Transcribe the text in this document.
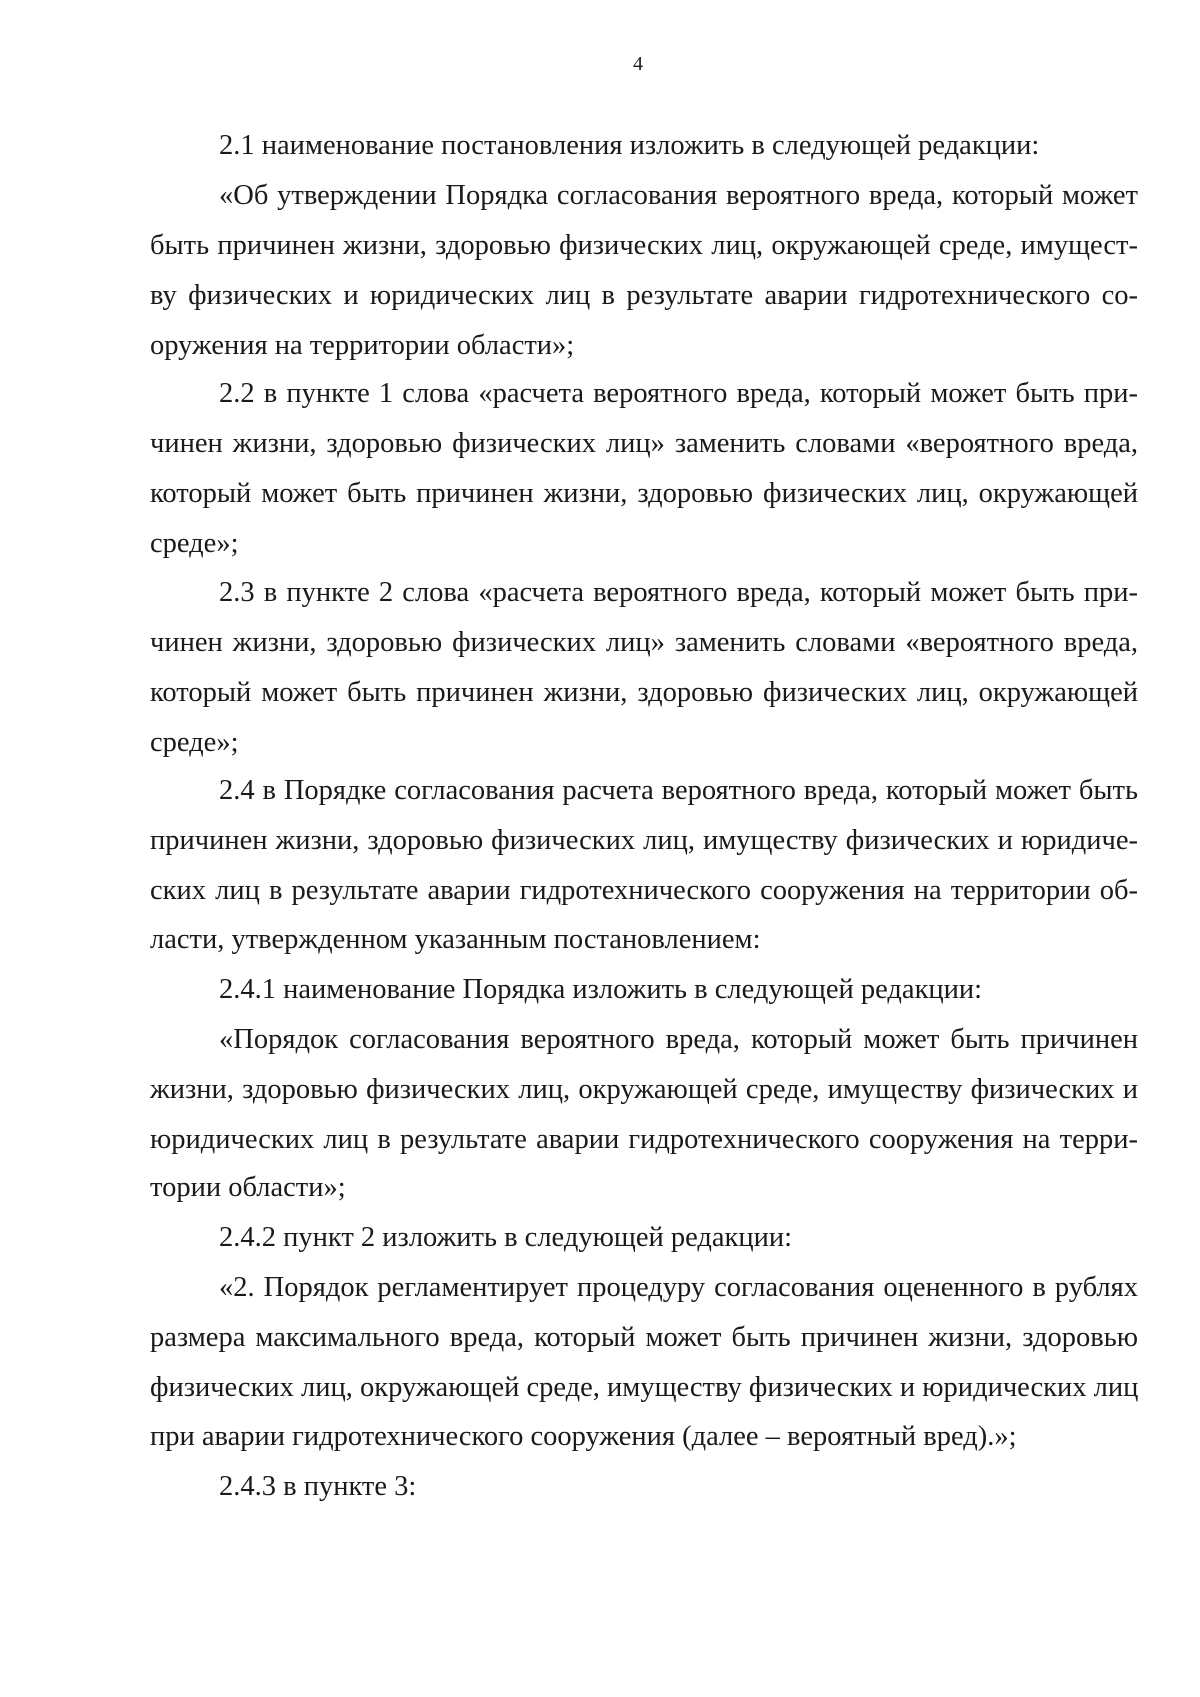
4
2.1 наименование постановления изложить в следующей редакции:
«Об утверждении Порядка согласования вероятного вреда, который может
быть причинен жизни, здоровью физических лиц, окружающей среде, имущест-
ву физических и юридических лиц в результате аварии гидротехнического со-
оружения на территории области»;
2.2 в пункте 1 слова «расчета вероятного вреда, который может быть при-
чинен жизни, здоровью физических лиц» заменить словами «вероятного вреда,
который может быть причинен жизни, здоровью физических лиц, окружающей
среде»;
2.3 в пункте 2 слова «расчета вероятного вреда, который может быть при-
чинен жизни, здоровью физических лиц» заменить словами «вероятного вреда,
который может быть причинен жизни, здоровью физических лиц, окружающей
среде»;
2.4 в Порядке согласования расчета вероятного вреда, который может быть
причинен жизни, здоровью физических лиц, имуществу физических и юридиче-
ских лиц в результате аварии гидротехнического сооружения на территории об-
ласти, утвержденном указанным постановлением:
2.4.1 наименование Порядка изложить в следующей редакции:
«Порядок согласования вероятного вреда, который может быть причинен
жизни, здоровью физических лиц, окружающей среде, имуществу физических и
юридических лиц в результате аварии гидротехнического сооружения на терри-
тории области»;
2.4.2 пункт 2 изложить в следующей редакции:
«2. Порядок регламентирует процедуру согласования оцененного в рублях
размера максимального вреда, который может быть причинен жизни, здоровью
физических лиц, окружающей среде, имуществу физических и юридических лиц
при аварии гидротехнического сооружения (далее – вероятный вред).»;
2.4.3 в пункте 3:
